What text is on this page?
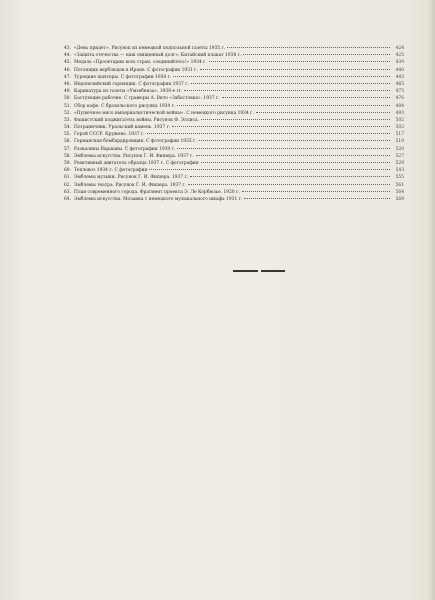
43. «День придет». Рисунок из немецкой подпольной газеты 1935 г.	424
44. «Защита отечества — наш священный долг». Китайский плакат 1938 г.	425
45. Медаль «Пролетарии всех стран, соединяйтесь!» 1934 г.	439
46. Погонщик верблюдов в Иране. С фотографии 1931 г.	440
47. Турецкие шахтеры. С фотографии 1934 г.	443
48. Индонезийский горнящик. С фотографии 1937 г.	465
49. Карикатура из газеты «Умзебенза». 1930-е гг.	475
50. Бастующие рабочие. С гравюры А. Вито «Забастовка». 1937 г.	476
51. Сбор кофе. С бразильского рисунка 1934 г.	484
52. «Пушечное мясо империалистической войны». С немецкого рисунка 1934 г.	493
53. Фашистский поджигатель войны. Рисунок Ф. Эллиса.	502
54. Пограничник. Уральский камень. 1937 г.	503
55. Герой СССР. Кружево. 1937 г.	517
56. Германская бомбардировщик. С фотографии 1935 г.	519
57. Развалины Варшавы. С фотографии 1939 г.	520
58. Эмблемы искусства. Рисунок Г. И. Фишера. 1937 г.	527
59. Реактивный двигатель образца 1937 г. С фотографии	529
60. Тепловоз 1934 г. С фотографии	543
61. Эмблемы музыки. Рисунок Г. И. Фишера. 1937 г.	555
62. Эмблемы театра. Рисунок Г. И. Фишера. 1937 г.	561
63. План современного города. Фрагмент проекта Э. Ле Корбюзье. 1920 г.	564
64. Эмблемы искусства. Мозаика с немецкого музыкального шкафа 1931 г.	569
